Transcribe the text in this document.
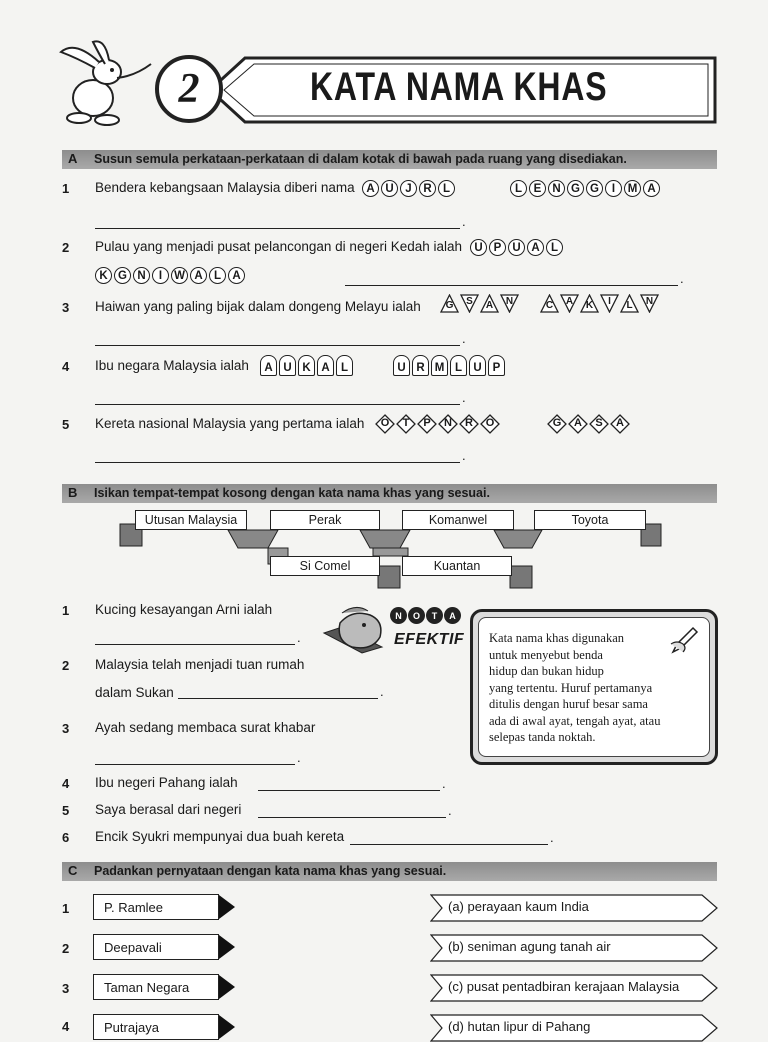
2	KATA NAMA KHAS
A Susun semula perkataan-perkataan di dalam kotak di bawah pada ruang yang disediakan.
1 Bendera kebangsaan Malaysia diberi nama	A U	J	R L	L	E N G G	I	M A
.
2 Pulau yang menjadi pusat pelancongan di negeri Kedah ialah	U P U A L
K G N	I	W A L A	.
3 Haiwan yang paling bijak dalam dongeng Melayu ialah	G	S	A	N	C	A	K	I	L	N
.
4 Ibu negara Malaysia ialah	A U K A L	U R M L U P
.
5 Kereta nasional Malaysia yang pertama ialah	O	T	P	N	R	O	G	A	S	A
.
B Isikan tempat-tempat kosong dengan kata nama khas yang sesuai.
Utusan Malaysia	Perak	Komanwel	Toyota
Si Comel	Kuantan
1 Kucing kesayangan Arni ialah
.
2 Malaysia telah menjadi tuan rumah
dalam Sukan	.
3 Ayah sedang membaca surat khabar
.
4 Ibu negeri Pahang ialah	.
5 Saya berasal dari negeri	.
6 Encik Syukri mempunyai dua buah kereta	.
N	O	T	A
EFEKTIF Kata nama khas digunakan
untuk menyebut benda
hidup dan bukan hidup
yang tertentu. Huruf pertamanya
ditulis dengan huruf besar sama
ada di awal ayat, tengah ayat, atau
selepas tanda noktah.
C Padankan pernyataan dengan kata nama khas yang sesuai.
1	P. Ramlee	(a) perayaan kaum India
2	Deepavali	(b) seniman agung tanah air
3	Taman Negara	(c) pusat pentadbiran kerajaan Malaysia
4	Putrajaya	(d) hutan lipur di Pahang
